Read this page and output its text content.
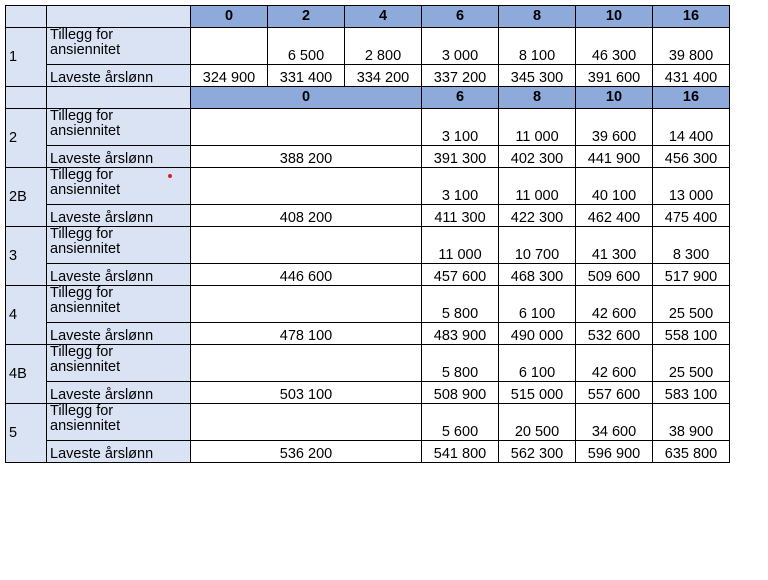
		0	2	4	6	8	10	16
1	Tillegg for ansiennitet		6 500	2 800	3 000	8 100	46 300	39 800
	Laveste årslønn	324 900	331 400	334 200	337 200	345 300	391 600	431 400
		0			6	8	10	16
2	Tillegg for ansiennitet				3 100	11 000	39 600	14 400
	Laveste årslønn	388 200			391 300	402 300	441 900	456 300
2B	Tillegg for ansiennitet				3 100	11 000	40 100	13 000
	Laveste årslønn	408 200			411 300	422 300	462 400	475 400
3	Tillegg for ansiennitet				11 000	10 700	41 300	8 300
	Laveste årslønn	446 600			457 600	468 300	509 600	517 900
4	Tillegg for ansiennitet				5 800	6 100	42 600	25 500
	Laveste årslønn	478 100			483 900	490 000	532 600	558 100
4B	Tillegg for ansiennitet				5 800	6 100	42 600	25 500
	Laveste årslønn	503 100			508 900	515 000	557 600	583 100
5	Tillegg for ansiennitet				5 600	20 500	34 600	38 900
	Laveste årslønn	536 200			541 800	562 300	596 900	635 800
